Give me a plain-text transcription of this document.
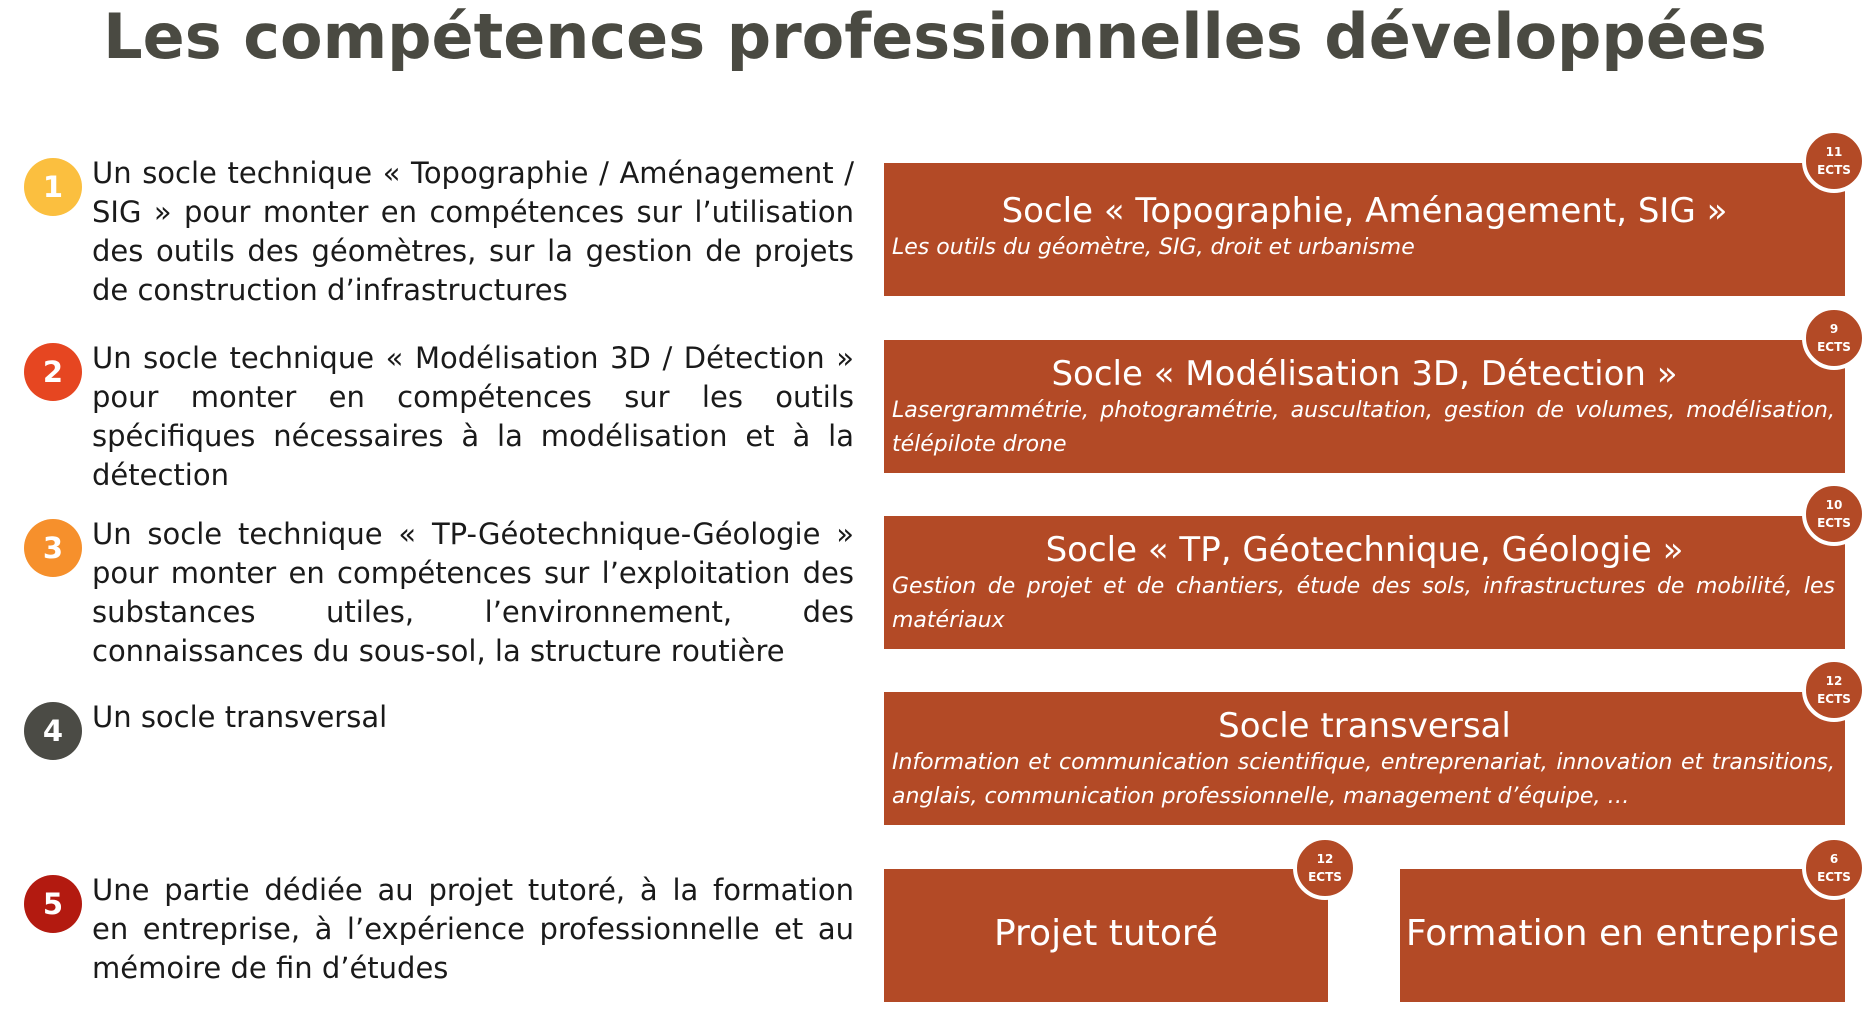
Les compétences professionnelles développées
1 Un socle technique « Topographie / Aménagement / SIG » pour monter en compétences sur l’utilisation des outils des géomètres, sur la gestion de projets de construction d’infrastructures
2 Un socle technique « Modélisation 3D / Détection » pour monter en compétences sur les outils spécifiques nécessaires à la modélisation et à la détection
3 Un socle technique « TP-Géotechnique-Géologie » pour monter en compétences sur l’exploitation des substances utiles, l’environnement, des connaissances du sous-sol, la structure routière
4 Un socle transversal
5 Une partie dédiée au projet tutoré, à la formation en entreprise, à l’expérience professionnelle et au mémoire de fin d’études
Socle « Topographie, Aménagement, SIG »
Les outils du géomètre, SIG, droit et urbanisme
11
ECTS
Socle « Modélisation 3D, Détection »
Lasergrammétrie, photogramétrie, auscultation, gestion de volumes, modélisation, télépilote drone
9
ECTS
Socle « TP, Géotechnique, Géologie »
Gestion de projet et de chantiers, étude des sols, infrastructures de mobilité, les matériaux
10
ECTS
Socle transversal
Information et communication scientifique, entreprenariat, innovation et transitions, anglais, communication professionnelle, management d’équipe, …
12
ECTS
Projet tutoré
12
ECTS
Formation en entreprise
6
ECTS
